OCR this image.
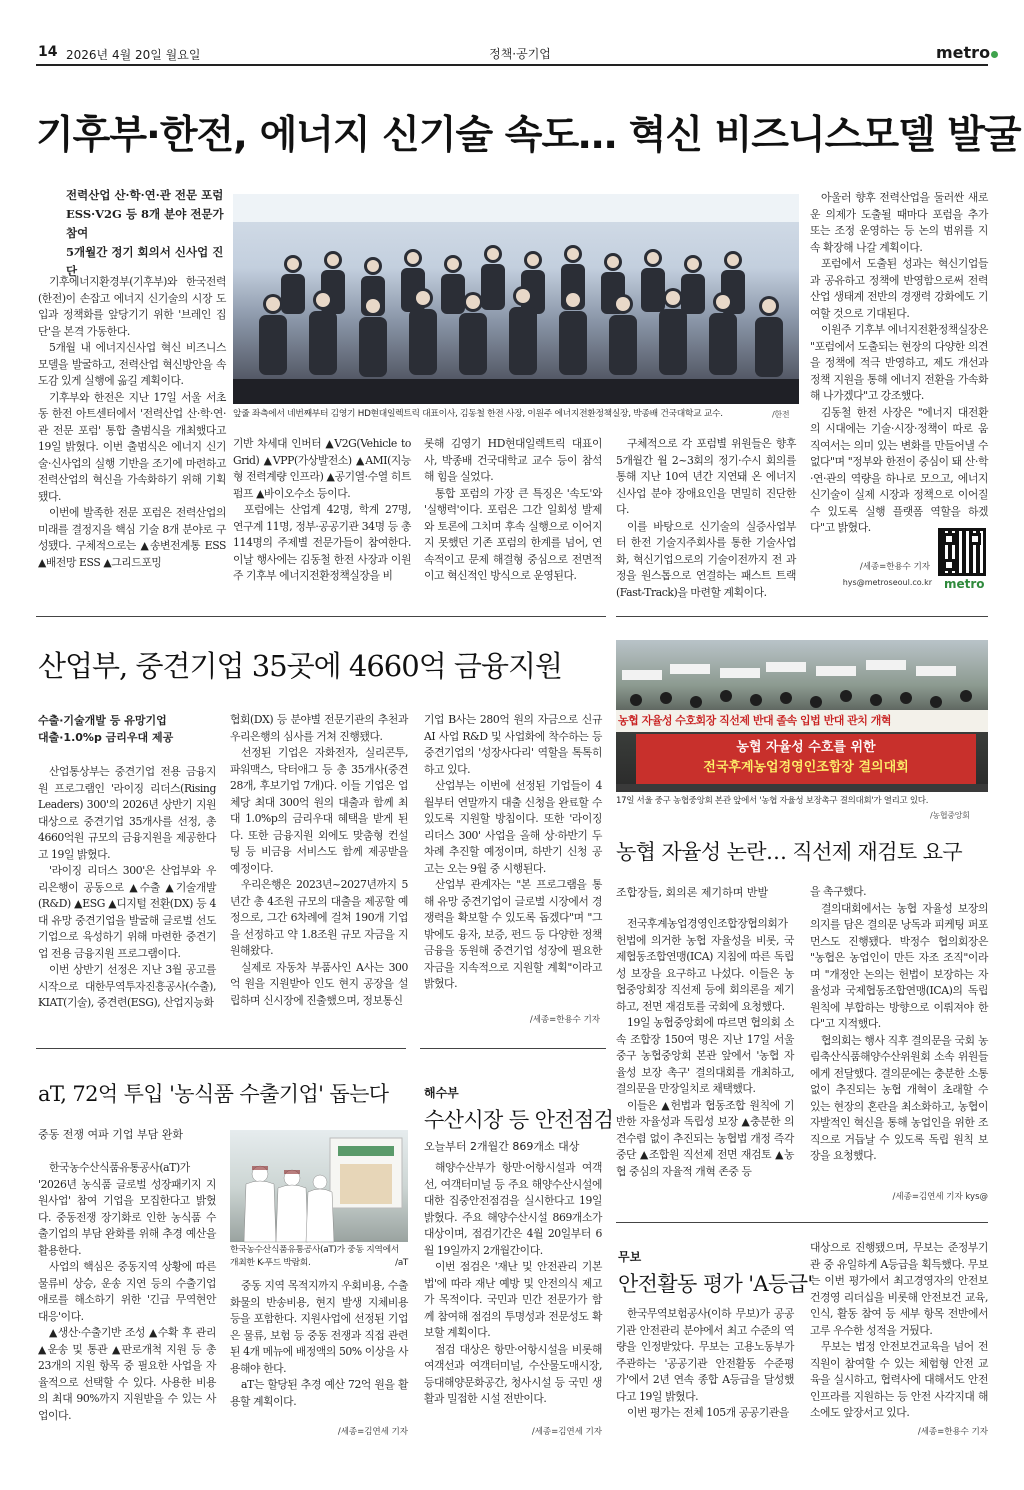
14 2026년 4월 20일 월요일	정책·공기업	metro
기후부·한전, 에너지 신기술 속도… 혁신 비즈니스모델 발굴
전력산업 산·학·연·관 전문 포럼
ESS·V2G 등 8개 분야 전문가 참여
5개월간 정기 회의서 신사업 진단

기후에너지환경부(기후부)와 한국전력(한전)이 손잡고 에너지 신기술의 시장 도입과 정책화를 앞당기기 위한 '브레인 집단'을 본격 가동한다.

5개월 내 에너지신사업 혁신 비즈니스모델을 발굴하고, 전력산업 혁신방안을 속도감 있게 실행에 옮길 계획이다.

기후부와 한전은 지난 17일 서울 서초동 한전 아트센터에서 '전력산업 산·학·연·관 전문 포럼' 통합 출범식을 개최했다고 19일 밝혔다. 이번 출범식은 에너지 신기술·신사업의 실행 기반을 조기에 마련하고 전력산업의 혁신을 가속화하기 위해 기획됐다.

이번에 발족한 전문 포럼은 전력산업의 미래를 결정지을 핵심 기술 8개 분야로 구성됐다. 구체적으로는 ▲송변전계통 ESS ▲배전망 ESS ▲그리드포밍

앞줄 좌측에서 네번째부터 김영기 HD현대일렉트릭 대표이사, 김동철 한전 사장, 이원주 에너지전환정책실장, 박종배 건국대학교 교수.	/한전

기반 차세대 인버터 ▲V2G(Vehicle to Grid) ▲VPP(가상발전소) ▲AMI(지능형 전력계량 인프라) ▲공기열·수열 히트펌프 ▲바이오수소 등이다.

포럼에는 산업계 42명, 학계 27명, 연구계 11명, 정부·공공기관 34명 등 총 114명의 주제별 전문가들이 참여한다. 이날 행사에는 김동철 한전 사장과 이원주 기후부 에너지전환정책실장을 비

롯해 김영기 HD현대일렉트릭 대표이사, 박종배 건국대학교 교수 등이 참석해 힘을 실었다.

통합 포럼의 가장 큰 특징은 '속도'와 '실행력'이다. 포럼은 그간 일회성 발제와 토론에 그치며 후속 실행으로 이어지지 못했던 기존 포럼의 한계를 넘어, 연속적이고 문제 해결형 중심으로 전면적이고 혁신적인 방식으로 운영된다.

구체적으로 각 포럼별 위원들은 향후 5개월간 월 2~3회의 정기·수시 회의를 통해 지난 10여 년간 지연돼 온 에너지 신사업 분야 장애요인을 면밀히 진단한다.

이를 바탕으로 신기술의 실증사업부터 한전 기술지주회사를 통한 기술사업화, 혁신기업으로의 기술이전까지 전 과정을 원스톱으로 연결하는 패스트 트랙(Fast-Track)을 마련할 계획이다.

아울러 향후 전력산업을 둘러싼 새로운 의제가 도출될 때마다 포럼을 추가 또는 조정 운영하는 등 논의 범위를 지속 확장해 나갈 계획이다.

포럼에서 도출된 성과는 혁신기업들과 공유하고 정책에 반영함으로써 전력산업 생태계 전반의 경쟁력 강화에도 기여할 것으로 기대된다.

이원주 기후부 에너지전환정책실장은 "포럼에서 도출되는 현장의 다양한 의견을 정책에 적극 반영하고, 제도 개선과 정책 지원을 통해 에너지 전환을 가속화해 나가겠다"고 강조했다.

김동철 한전 사장은 "에너지 대전환의 시대에는 기술·시장·정책이 따로 움직여서는 의미 있는 변화를 만들어낼 수 없다"며 "정부와 한전이 중심이 돼 산·학·연·관의 역량을 하나로 모으고, 에너지 신기술이 실제 시장과 정책으로 이어질 수 있도록 실행 플랫폼 역할을 하겠다"고 밝혔다.

/세종=한용수 기자
hys@metroseoul.co.kr metro
산업부, 중견기업 35곳에 4660억 금융지원
수출·기술개발 등 유망기업
대출·1.0%p 금리우대 제공

산업통상부는 중견기업 전용 금융지원 프로그램인 '라이징 리더스(Rising Leaders) 300'의 2026년 상반기 지원 대상으로 중견기업 35개사를 선정, 총 4660억원 규모의 금융지원을 제공한다고 19일 밝혔다.

'라이징 리더스 300'은 산업부와 우리은행이 공동으로 ▲수출 ▲기술개발(R&D) ▲ESG ▲디지털 전환(DX) 등 4대 유망 중견기업을 발굴해 글로벌 선도기업으로 육성하기 위해 마련한 중견기업 전용 금융지원 프로그램이다.

이번 상반기 선정은 지난 3월 공고를 시작으로 대한무역투자진흥공사(수출), KIAT(기술), 중견련(ESG), 산업지능화

협회(DX) 등 분야별 전문기관의 추천과 우리은행의 심사를 거쳐 진행됐다.

선정된 기업은 자화전자, 실리콘투, 파워맥스, 닥터애그 등 총 35개사(중견 28개, 후보기업 7개)다. 이들 기업은 업체당 최대 300억 원의 대출과 함께 최대 1.0%p의 금리우대 혜택을 받게 된다. 또한 금융지원 외에도 맞춤형 컨설팅 등 비금융 서비스도 함께 제공받을 예정이다.

우리은행은 2023년~2027년까지 5년간 총 4조원 규모의 대출을 제공할 예정으로, 그간 6차례에 걸쳐 190개 기업을 선정하고 약 1.8조원 규모 자금을 지원해왔다.

실제로 자동차 부품사인 A사는 300억 원을 지원받아 인도 현지 공장을 설립하며 신시장에 진출했으며, 정보통신

기업 B사는 280억 원의 자금으로 신규 AI 사업 R&D 및 사업화에 착수하는 등 중견기업의 '성장사다리' 역할을 톡톡히 하고 있다.

산업부는 이번에 선정된 기업들이 4월부터 연말까지 대출 신청을 완료할 수 있도록 지원할 방침이다. 또한 '라이징 리더스 300' 사업을 올해 상·하반기 두 차례 추진할 예정이며, 하반기 신청 공고는 오는 9월 중 시행된다.

산업부 관계자는 "본 프로그램을 통해 유망 중견기업이 글로벌 시장에서 경쟁력을 확보할 수 있도록 돕겠다"며 "그 밖에도 융자, 보증, 펀드 등 다양한 정책 금융을 동원해 중견기업 성장에 필요한 자금을 지속적으로 지원할 계획"이라고 밝혔다.

/세종=한용수 기자
농협 자율성 수호회장 직선제 반대 졸속 입법 반대 관치 개혁
농협 자율성 수호를 위한
전국후계농업경영인조합장 결의대회
17일 서울 중구 농협중앙회 본관 앞에서 '농협 자율성 보장촉구 결의대회'가 열리고 있다.
/농협중앙회
농협 자율성 논란… 직선제 재검토 요구
조합장들, 회의론 제기하며 반발

전국후계농업경영인조합장협의회가 헌법에 의거한 농협 자율성을 비롯, 국제협동조합연맹(ICA) 지침에 따른 독립성 보장을 요구하고 나섰다. 이들은 농협중앙회장 직선제 등에 회의론을 제기하고, 전면 재검토를 국회에 요청했다.

19일 농협중앙회에 따르면 협의회 소속 조합장 150여 명은 지난 17일 서울 중구 농협중앙회 본관 앞에서 '농협 자율성 보장 촉구' 결의대회를 개최하고, 결의문을 만장일치로 채택했다.

이들은 ▲헌법과 협동조합 원칙에 기반한 자율성과 독립성 보장 ▲충분한 의견수렴 없이 추진되는 농협법 개정 즉각 중단 ▲조합원 직선제 전면 재검토 ▲농협 중심의 자율적 개혁 존중 등

을 촉구했다.

결의대회에서는 농협 자율성 보장의 의지를 담은 결의문 낭독과 피케팅 퍼포먼스도 진행됐다. 박정수 협의회장은 "농협은 농업인이 만든 자조 조직"이라며 "개정안 논의는 헌법이 보장하는 자율성과 국제협동조합연맹(ICA)의 독립 원칙에 부합하는 방향으로 이뤄져야 한다"고 지적했다.

협의회는 행사 직후 결의문을 국회 농림축산식품해양수산위원회 소속 위원들에게 전달했다. 결의문에는 충분한 소통 없이 추진되는 농협 개혁이 초래할 수 있는 현장의 혼란을 최소화하고, 농협이 자발적인 혁신을 통해 농업인을 위한 조직으로 거듭날 수 있도록 독립 원칙 보장을 요청했다.

/세종=김연세 기자 kys@
aT, 72억 투입 '농식품 수출기업' 돕는다
중동 전쟁 여파 기업 부담 완화

한국농수산식품유통공사(aT)가 '2026년 농식품 글로벌 성장패키지 지원사업' 참여 기업을 모집한다고 밝혔다. 중동전쟁 장기화로 인한 농식품 수출기업의 부담 완화를 위해 추경 예산을 활용한다.

사업의 핵심은 중동지역 상황에 따른 물류비 상승, 운송 지연 등의 수출기업 애로를 해소하기 위한 '긴급 무역현안 대응'이다.

▲생산·수출기반 조성 ▲수확 후 관리 ▲운송 및 통관 ▲판로개척 지원 등 총 23개의 지원 항목 중 필요한 사업을 자율적으로 선택할 수 있다. 사용한 비용의 최대 90%까지 지원받을 수 있는 사업이다.

한국농수산식품유통공사(aT)가 중동 지역에서 개최한 K-푸드 박람회.	/aT

중동 지역 목적지까지 우회비용, 수출 화물의 반송비용, 현지 발생 지체비용 등을 포함한다. 지원사업에 선정된 기업은 물류, 보험 등 중동 전쟁과 직접 관련된 4개 메뉴에 배정액의 50% 이상을 사용해야 한다.

aT는 할당된 추경 예산 72억 원을 활용할 계획이다.

/세종=김연세 기자
해수부
수산시장 등 안전점검
오늘부터 2개월간 869개소 대상

해양수산부가 항만·어항시설과 여객선, 여객터미널 등 주요 해양수산시설에 대한 집중안전점검을 실시한다고 19일 밝혔다. 주요 해양수산시설 869개소가 대상이며, 점검기간은 4월 20일부터 6월 19일까지 2개월간이다.

이번 점검은 '재난 및 안전관리 기본법'에 따라 재난 예방 및 안전의식 제고가 목적이다. 국민과 민간 전문가가 함께 참여해 점검의 투명성과 전문성도 확보할 계획이다.

점검 대상은 항만·어항시설을 비롯해 여객선과 여객터미널, 수산물도매시장, 등대해양문화공간, 청사시설 등 국민 생활과 밀접한 시설 전반이다.

/세종=김연세 기자
무보
안전활동 평가 'A등급'

한국무역보험공사(이하 무보)가 공공기관 안전관리 분야에서 최고 수준의 역량을 인정받았다. 무보는 고용노동부가 주관하는 '공공기관 안전활동 수준평가'에서 2년 연속 종합 A등급을 달성했다고 19일 밝혔다.

이번 평가는 전체 105개 공공기관을

대상으로 진행됐으며, 무보는 준정부기관 중 유일하게 A등급을 획득했다. 무보는 이번 평가에서 최고경영자의 안전보건경영 리더십을 비롯해 안전보건 교육, 인식, 활동 참여 등 세부 항목 전반에서 고루 우수한 성적을 거뒀다.

무보는 법정 안전보건교육을 넘어 전 직원이 참여할 수 있는 체험형 안전 교육을 실시하고, 협력사에 대해서도 안전 인프라를 지원하는 등 안전 사각지대 해소에도 앞장서고 있다.

/세종=한용수 기자
